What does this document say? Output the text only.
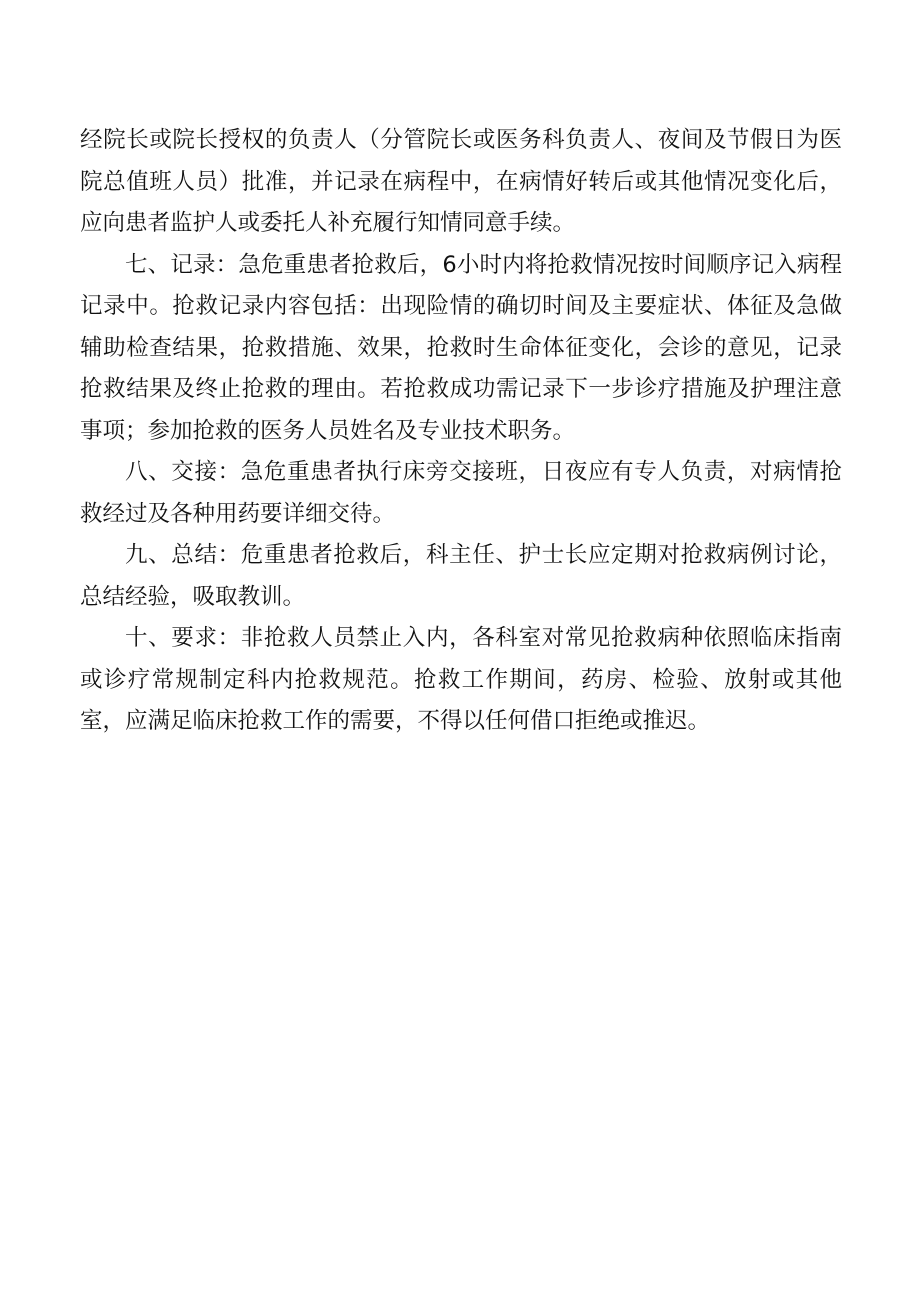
经院长或院长授权的负责人（分管院长或医务科负责人、夜间及节假日为医院总值班人员）批准，并记录在病程中，在病情好转后或其他情况变化后，应向患者监护人或委托人补充履行知情同意手续。

七、记录：急危重患者抢救后，6小时内将抢救情况按时间顺序记入病程记录中。抢救记录内容包括：出现险情的确切时间及主要症状、体征及急做辅助检查结果，抢救措施、效果，抢救时生命体征变化，会诊的意见，记录抢救结果及终止抢救的理由。若抢救成功需记录下一步诊疗措施及护理注意事项；参加抢救的医务人员姓名及专业技术职务。

八、交接：急危重患者执行床旁交接班，日夜应有专人负责，对病情抢救经过及各种用药要详细交待。

九、总结：危重患者抢救后，科主任、护士长应定期对抢救病例讨论，总结经验，吸取教训。

十、要求：非抢救人员禁止入内，各科室对常见抢救病种依照临床指南或诊疗常规制定科内抢救规范。抢救工作期间，药房、检验、放射或其他室，应满足临床抢救工作的需要，不得以任何借口拒绝或推迟。
